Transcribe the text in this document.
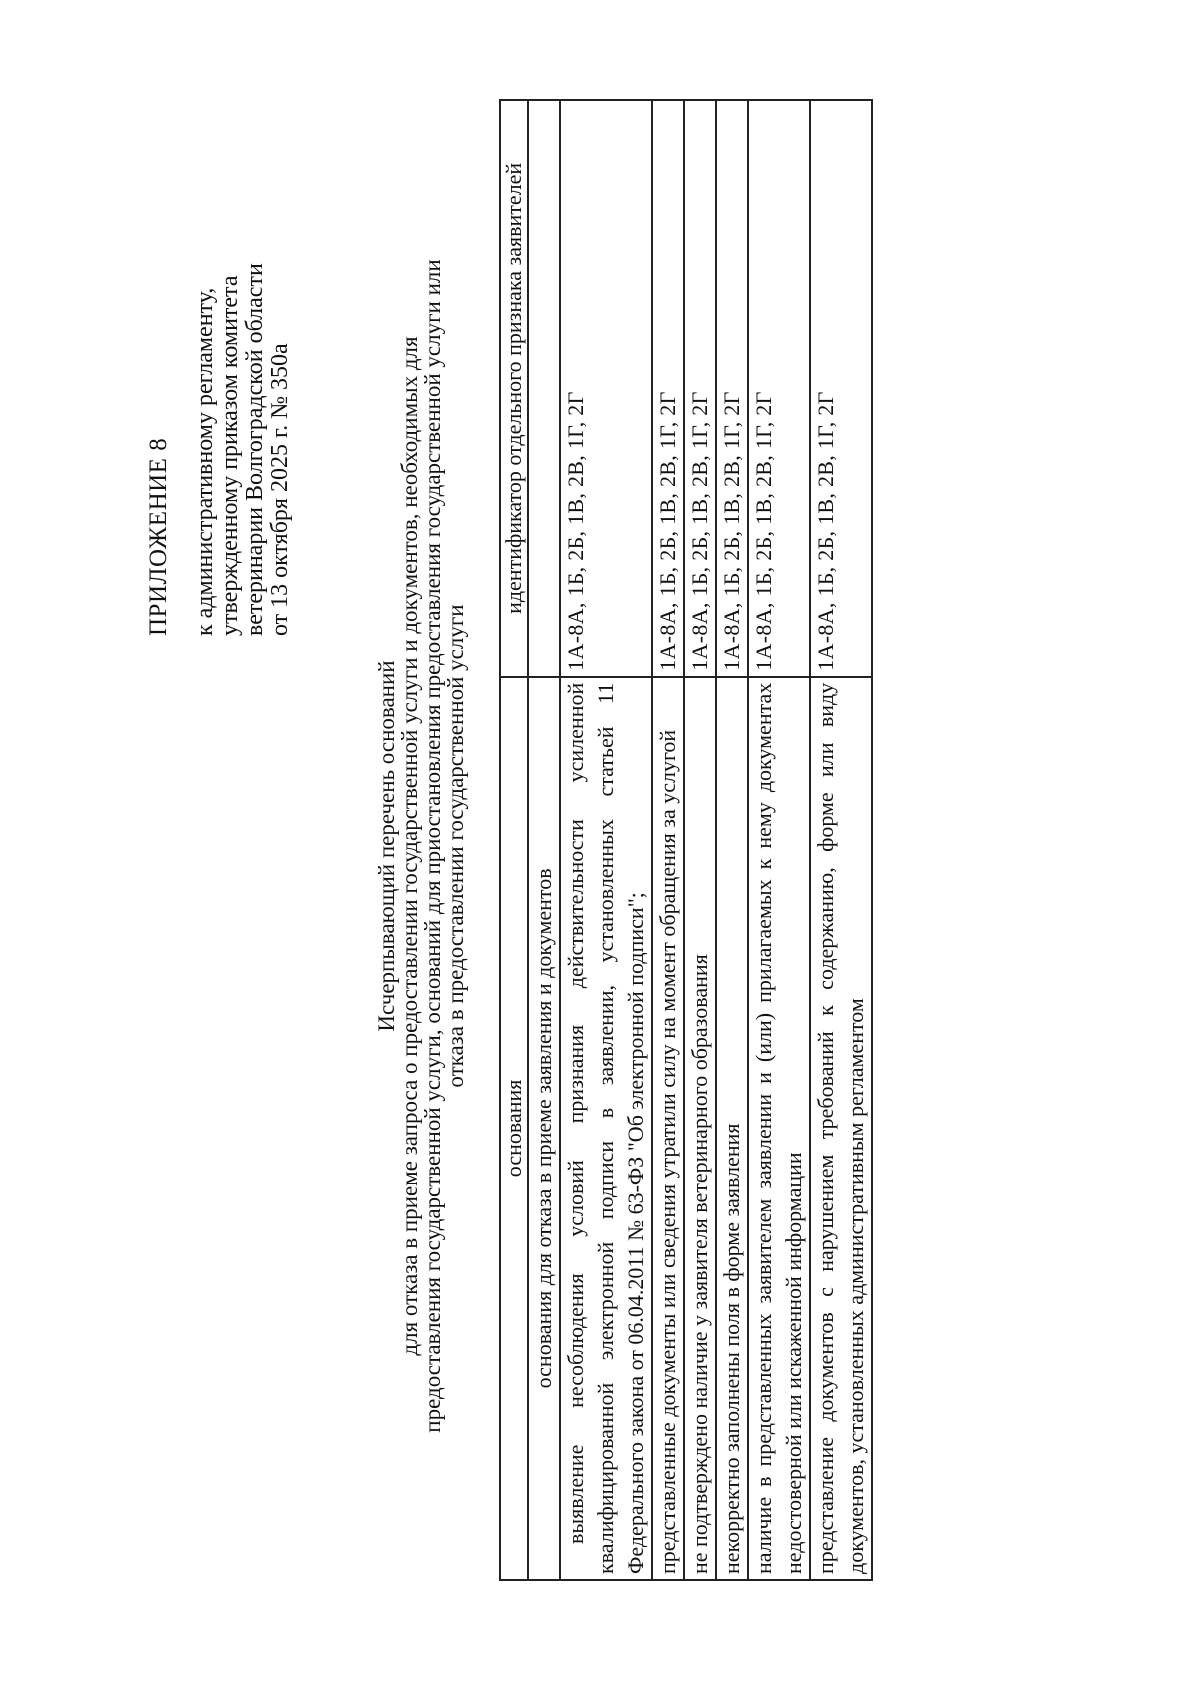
ПРИЛОЖЕНИЕ 8 к административному регламенту, утвержденному приказом комитета ветеринарии Волгоградской области от 13 октября 2025 г. № 350а
Исчерпывающий перечень оснований
для отказа в приеме запроса о предоставлении государственной услуги и документов, необходимых для
предоставления государственной услуги, оснований для приостановления предоставления государственной услуги или
отказа в предоставлении государственной услуги
основания	идентификатор отдельного признака заявителей
основания для отказа в приеме заявления и документов	
выявление несоблюдения условий признания действительности усиленной квалифицированной электронной подписи в заявлении, установленных статьей 11 Федерального закона от 06.04.2011 № 63-ФЗ "Об электронной подписи";	1А-8А, 1Б, 2Б, 1В, 2В, 1Г, 2Г
представленные документы или сведения утратили силу на момент обращения за услугой	1А-8А, 1Б, 2Б, 1В, 2В, 1Г, 2Г
не подтверждено наличие у заявителя ветеринарного образования	1А-8А, 1Б, 2Б, 1В, 2В, 1Г, 2Г
некорректно заполнены поля в форме заявления	1А-8А, 1Б, 2Б, 1В, 2В, 1Г, 2Г
наличие в представленных заявителем заявлении и (или) прилагаемых к нему документах недостоверной или искаженной информации	1А-8А, 1Б, 2Б, 1В, 2В, 1Г, 2Г
представление документов с нарушением требований к содержанию, форме или виду документов, установленных административным регламентом	1А-8А, 1Б, 2Б, 1В, 2В, 1Г, 2Г
